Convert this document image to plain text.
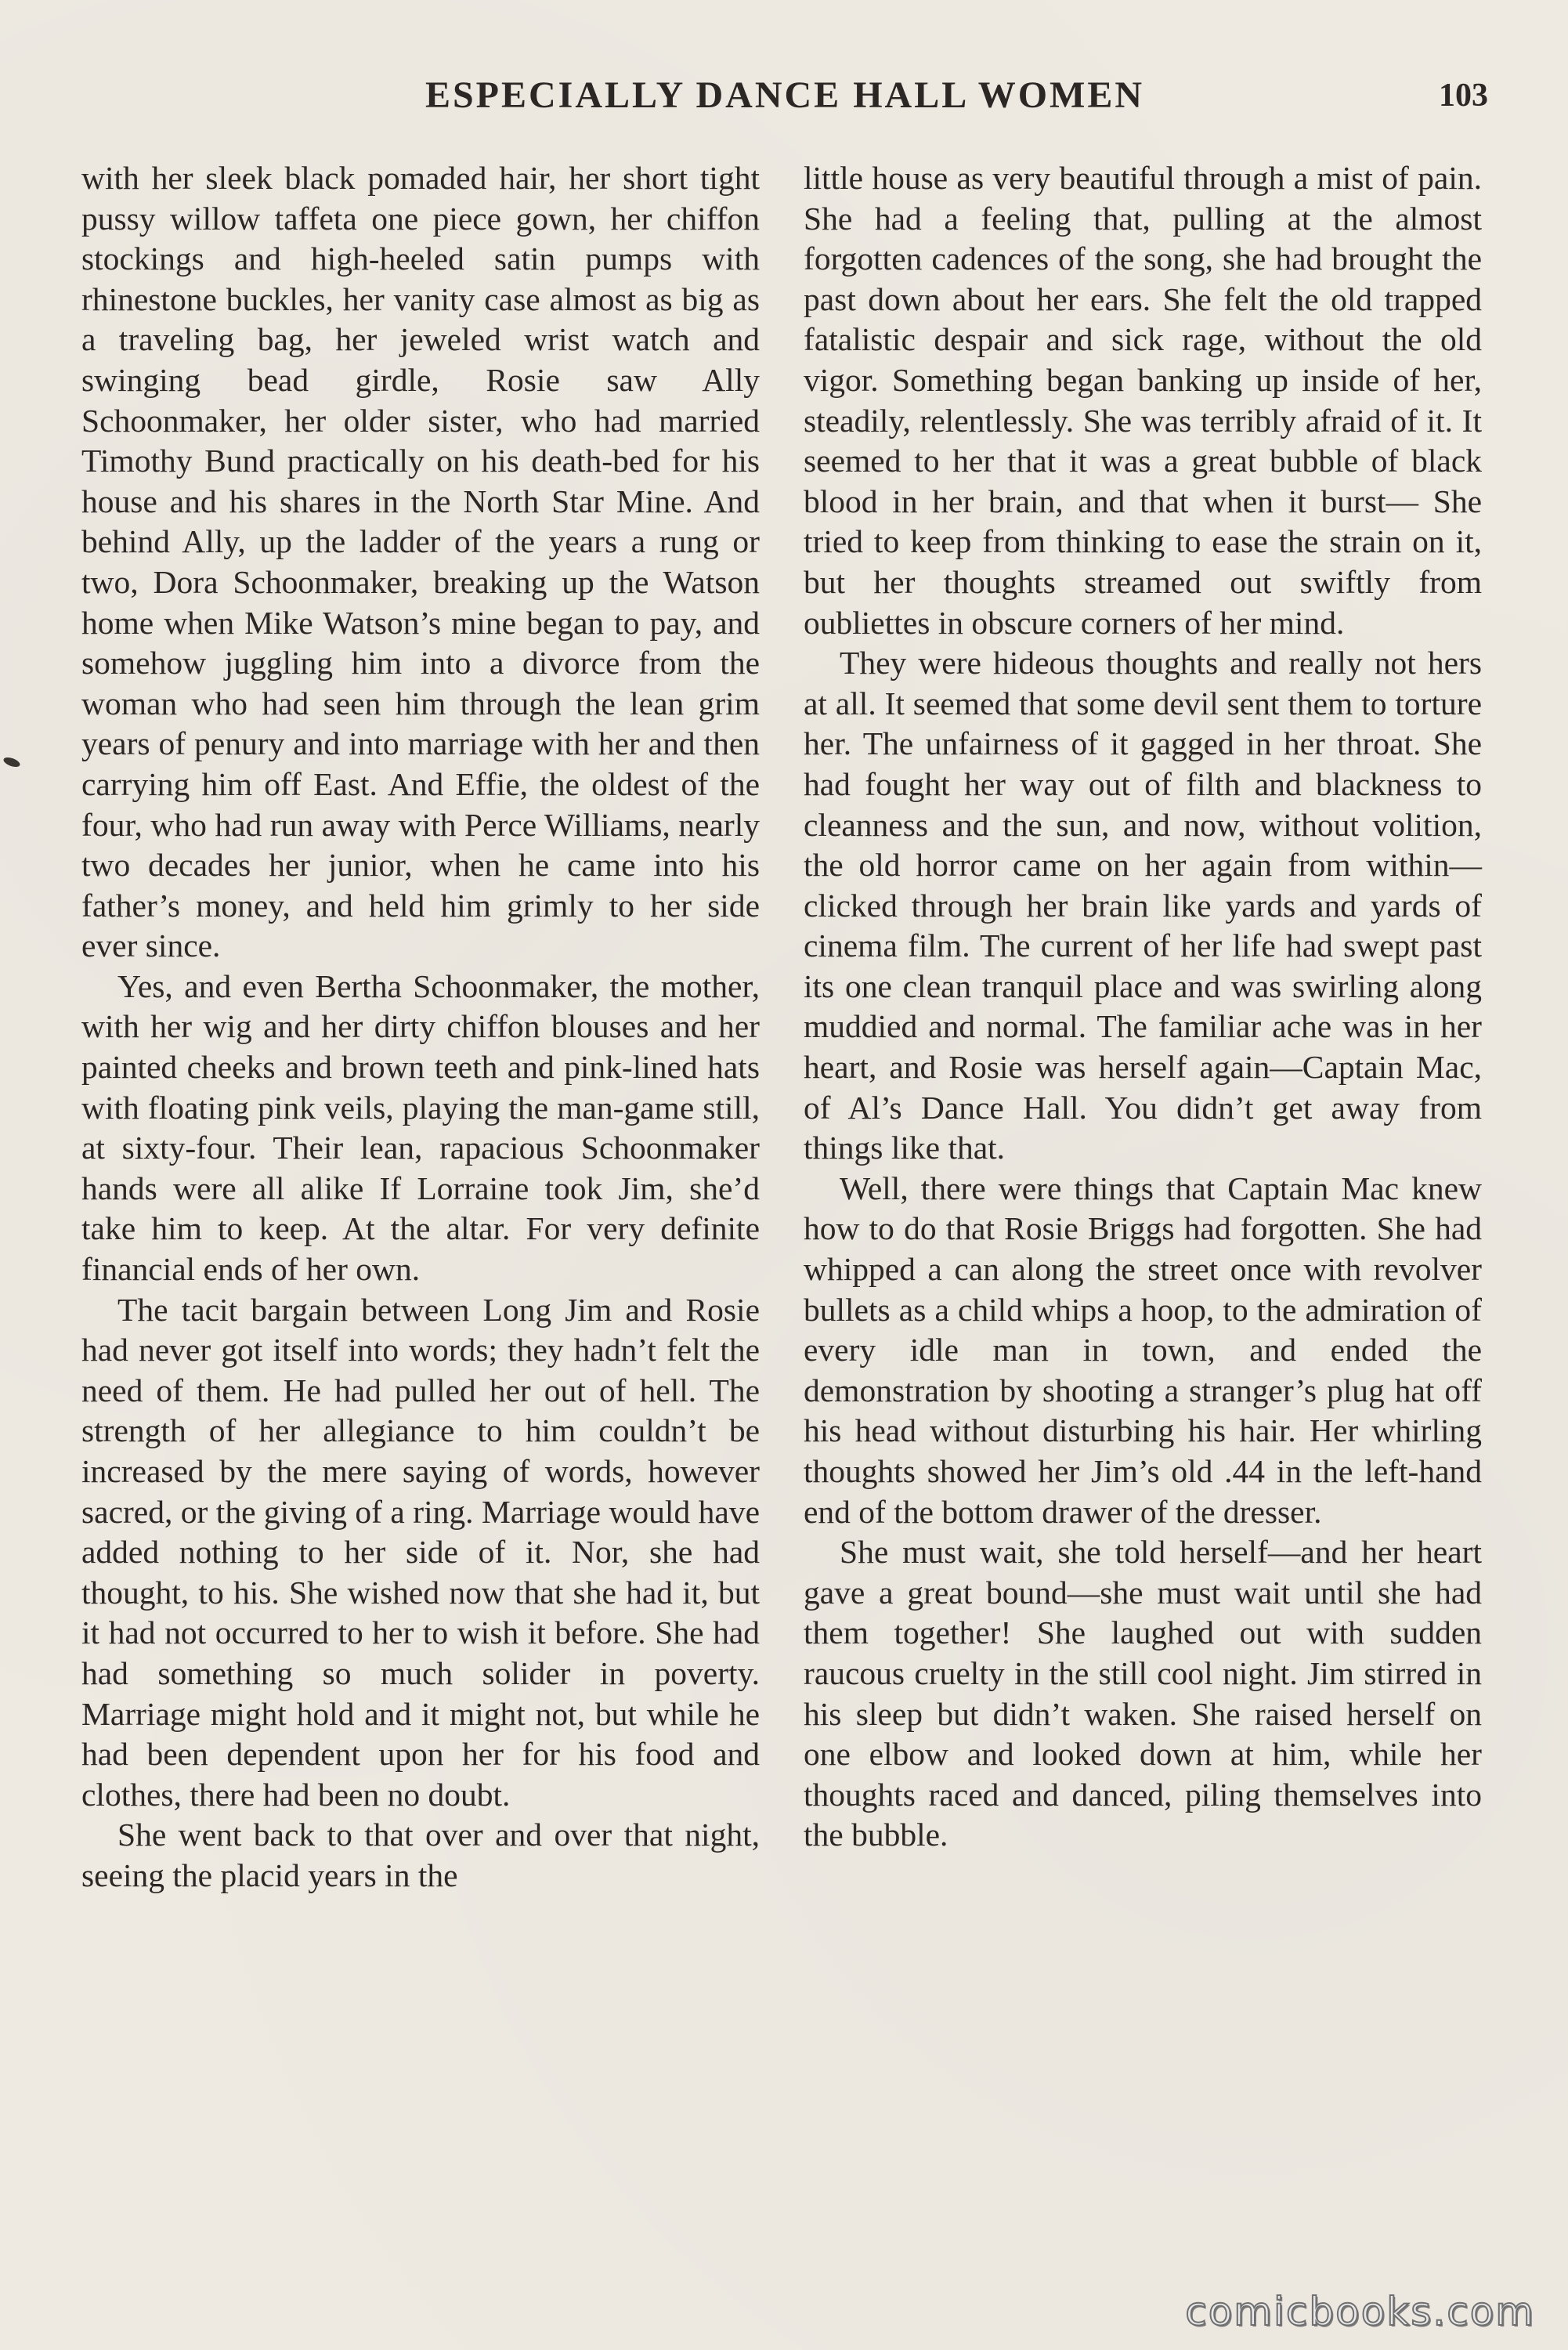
ESPECIALLY DANCE HALL WOMEN	103

with her sleek black pomaded hair, her short tight pussy willow taffeta one piece gown, her chiffon stockings and high-heeled satin pumps with rhinestone buckles, her vanity case almost as big as a traveling bag, her jeweled wrist watch and swinging bead girdle, Rosie saw Ally Schoonmaker, her older sister, who had married Timothy Bund practically on his death-bed for his house and his shares in the North Star Mine. And behind Ally, up the ladder of the years a rung or two, Dora Schoonmaker, breaking up the Watson home when Mike Watson’s mine began to pay, and somehow juggling him into a divorce from the woman who had seen him through the lean grim years of penury and into marriage with her and then carrying him off East. And Effie, the oldest of the four, who had run away with Perce Williams, nearly two decades her junior, when he came into his father’s money, and held him grimly to her side ever since.

Yes, and even Bertha Schoonmaker, the mother, with her wig and her dirty chiffon blouses and her painted cheeks and brown teeth and pink-lined hats with floating pink veils, playing the man-game still, at sixty-four. Their lean, rapacious Schoonmaker hands were all alike If Lorraine took Jim, she’d take him to keep. At the altar. For very definite financial ends of her own.

The tacit bargain between Long Jim and Rosie had never got itself into words; they hadn’t felt the need of them. He had pulled her out of hell. The strength of her allegiance to him couldn’t be increased by the mere saying of words, however sacred, or the giving of a ring. Marriage would have added nothing to her side of it. Nor, she had thought, to his. She wished now that she had it, but it had not occurred to her to wish it before. She had had something so much solider in poverty. Marriage might hold and it might not, but while he had been dependent upon her for his food and clothes, there had been no doubt.

She went back to that over and over that night, seeing the placid years in the

little house as very beautiful through a mist of pain. She had a feeling that, pulling at the almost forgotten cadences of the song, she had brought the past down about her ears. She felt the old trapped fatalistic despair and sick rage, without the old vigor. Something began banking up inside of her, steadily, relentlessly. She was terribly afraid of it. It seemed to her that it was a great bubble of black blood in her brain, and that when it burst— She tried to keep from thinking to ease the strain on it, but her thoughts streamed out swiftly from oubliettes in obscure corners of her mind.

They were hideous thoughts and really not hers at all. It seemed that some devil sent them to torture her. The unfairness of it gagged in her throat. She had fought her way out of filth and blackness to cleanness and the sun, and now, without volition, the old horror came on her again from within—clicked through her brain like yards and yards of cinema film. The current of her life had swept past its one clean tranquil place and was swirling along muddied and normal. The familiar ache was in her heart, and Rosie was herself again—Captain Mac, of Al’s Dance Hall. You didn’t get away from things like that.

Well, there were things that Captain Mac knew how to do that Rosie Briggs had forgotten. She had whipped a can along the street once with revolver bullets as a child whips a hoop, to the admiration of every idle man in town, and ended the demonstration by shooting a stranger’s plug hat off his head without disturbing his hair. Her whirling thoughts showed her Jim’s old .44 in the left-hand end of the bottom drawer of the dresser.

She must wait, she told herself—and her heart gave a great bound—she must wait until she had them together! She laughed out with sudden raucous cruelty in the still cool night. Jim stirred in his sleep but didn’t waken. She raised herself on one elbow and looked down at him, while her thoughts raced and danced, piling themselves into the bubble.

comicbooks.com
